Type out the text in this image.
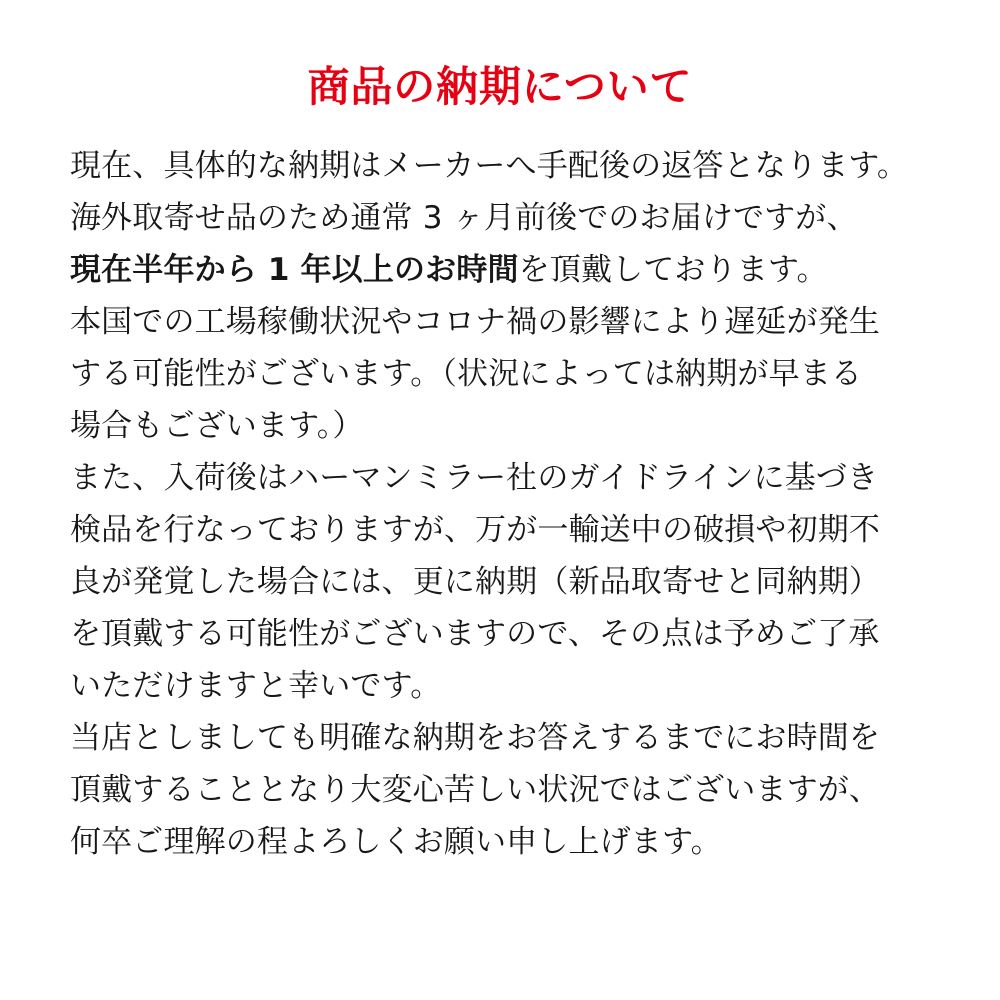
商品の納期について
現在、具体的な納期はメーカーへ手配後の返答となります。
海外取寄せ品のため通常 3 ヶ月前後でのお届けですが、
現在半年から 1 年以上のお時間を頂戴しております。
本国での工場稼働状況やコロナ禍の影響により遅延が発生
する可能性がございます。（状況によっては納期が早まる
場合もございます。）
また、入荷後はハーマンミラー社のガイドラインに基づき
検品を行なっておりますが、万が一輸送中の破損や初期不
良が発覚した場合には、更に納期（新品取寄せと同納期）
を頂戴する可能性がございますので、その点は予めご了承
いただけますと幸いです。
当店としましても明確な納期をお答えするまでにお時間を
頂戴することとなり大変心苦しい状況ではございますが、
何卒ご理解の程よろしくお願い申し上げます。
